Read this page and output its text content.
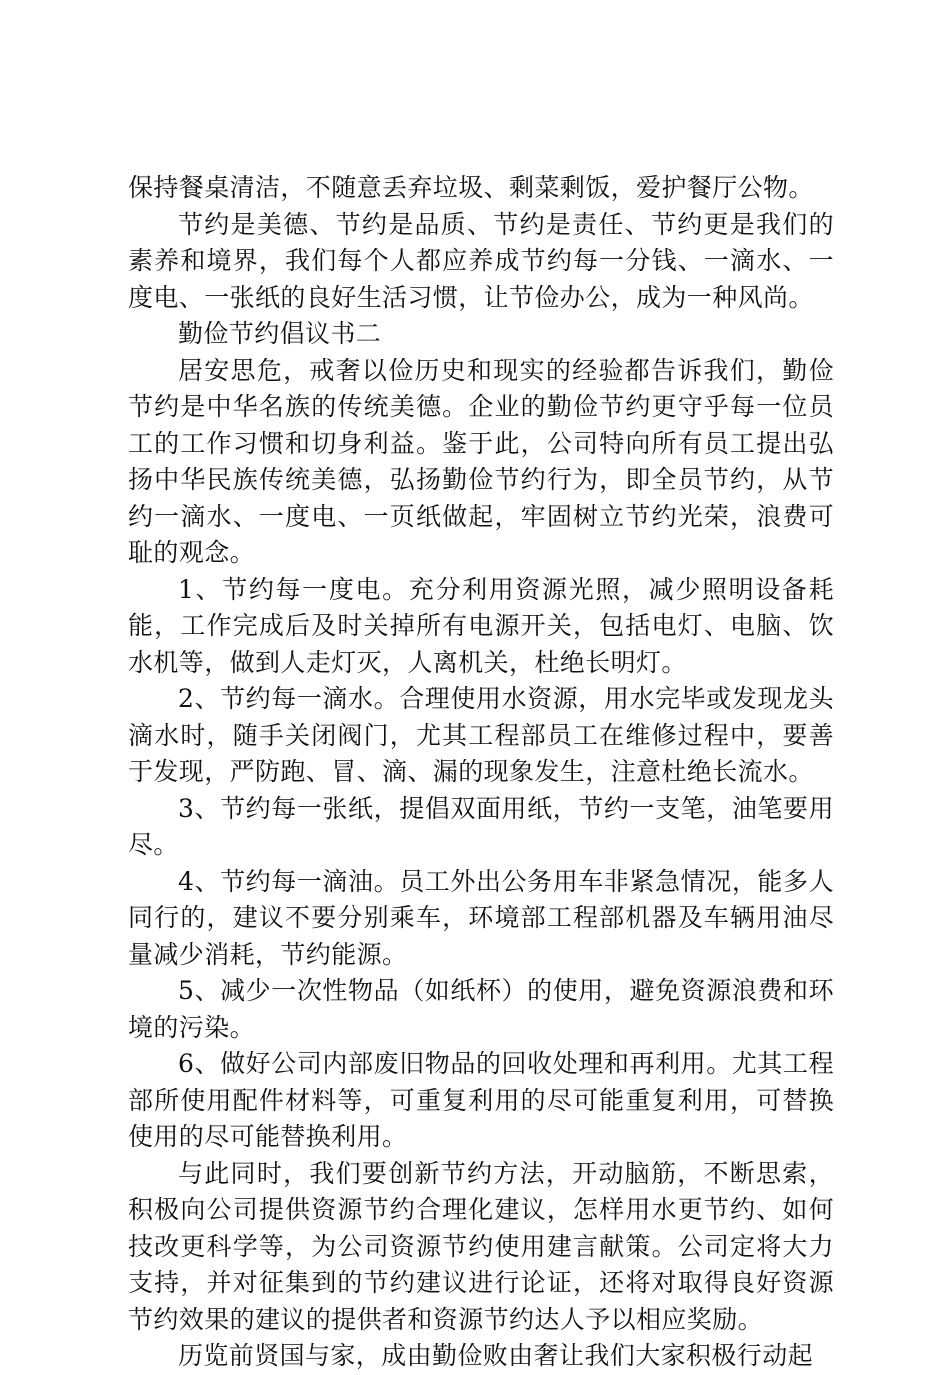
保持餐桌清洁，不随意丢弃垃圾、剩菜剩饭，爱护餐厅公物。

节约是美德、节约是品质、节约是责任、节约更是我们的素养和境界，我们每个人都应养成节约每一分钱、一滴水、一度电、一张纸的良好生活习惯，让节俭办公，成为一种风尚。

勤俭节约倡议书二

居安思危，戒奢以俭历史和现实的经验都告诉我们，勤俭节约是中华名族的传统美德。企业的勤俭节约更守乎每一位员工的工作习惯和切身利益。鉴于此，公司特向所有员工提出弘扬中华民族传统美德，弘扬勤俭节约行为，即全员节约，从节约一滴水、一度电、一页纸做起，牢固树立节约光荣，浪费可耻的观念。

1、节约每一度电。充分利用资源光照，减少照明设备耗能，工作完成后及时关掉所有电源开关，包括电灯、电脑、饮水机等，做到人走灯灭，人离机关，杜绝长明灯。

2、节约每一滴水。合理使用水资源，用水完毕或发现龙头滴水时，随手关闭阀门，尤其工程部员工在维修过程中，要善于发现，严防跑、冒、滴、漏的现象发生，注意杜绝长流水。

3、节约每一张纸，提倡双面用纸，节约一支笔，油笔要用尽。

4、节约每一滴油。员工外出公务用车非紧急情况，能多人同行的，建议不要分别乘车，环境部工程部机器及车辆用油尽量减少消耗，节约能源。

5、减少一次性物品（如纸杯）的使用，避免资源浪费和环境的污染。

6、做好公司内部废旧物品的回收处理和再利用。尤其工程部所使用配件材料等，可重复利用的尽可能重复利用，可替换使用的尽可能替换利用。

与此同时，我们要创新节约方法，开动脑筋，不断思索，积极向公司提供资源节约合理化建议，怎样用水更节约、如何技改更科学等，为公司资源节约使用建言献策。公司定将大力支持，并对征集到的节约建议进行论证，还将对取得良好资源节约效果的建议的提供者和资源节约达人予以相应奖励。

历览前贤国与家，成由勤俭败由奢让我们大家积极行动起
